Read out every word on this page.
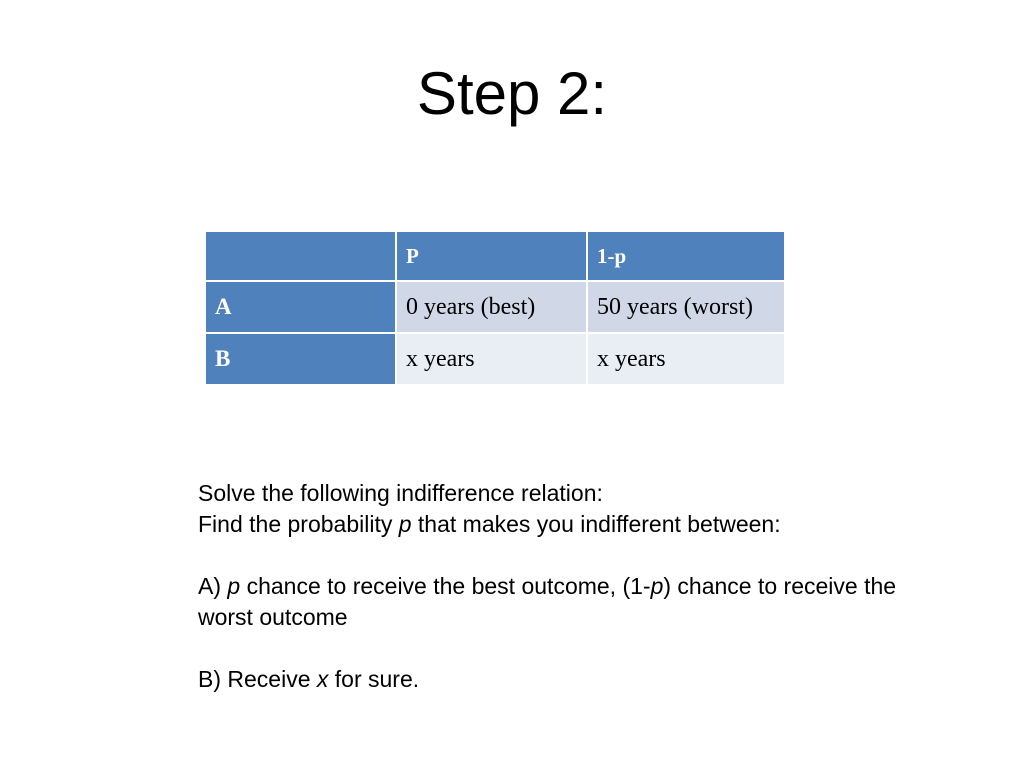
Step 2:
	P	1-p
A	0 years (best)	50 years (worst)
B	x years	x years
Solve the following indifference relation:
Find the probability p that makes you indifferent between:
A) p chance to receive the best outcome, (1-p) chance to receive the worst outcome
B) Receive x for sure.
